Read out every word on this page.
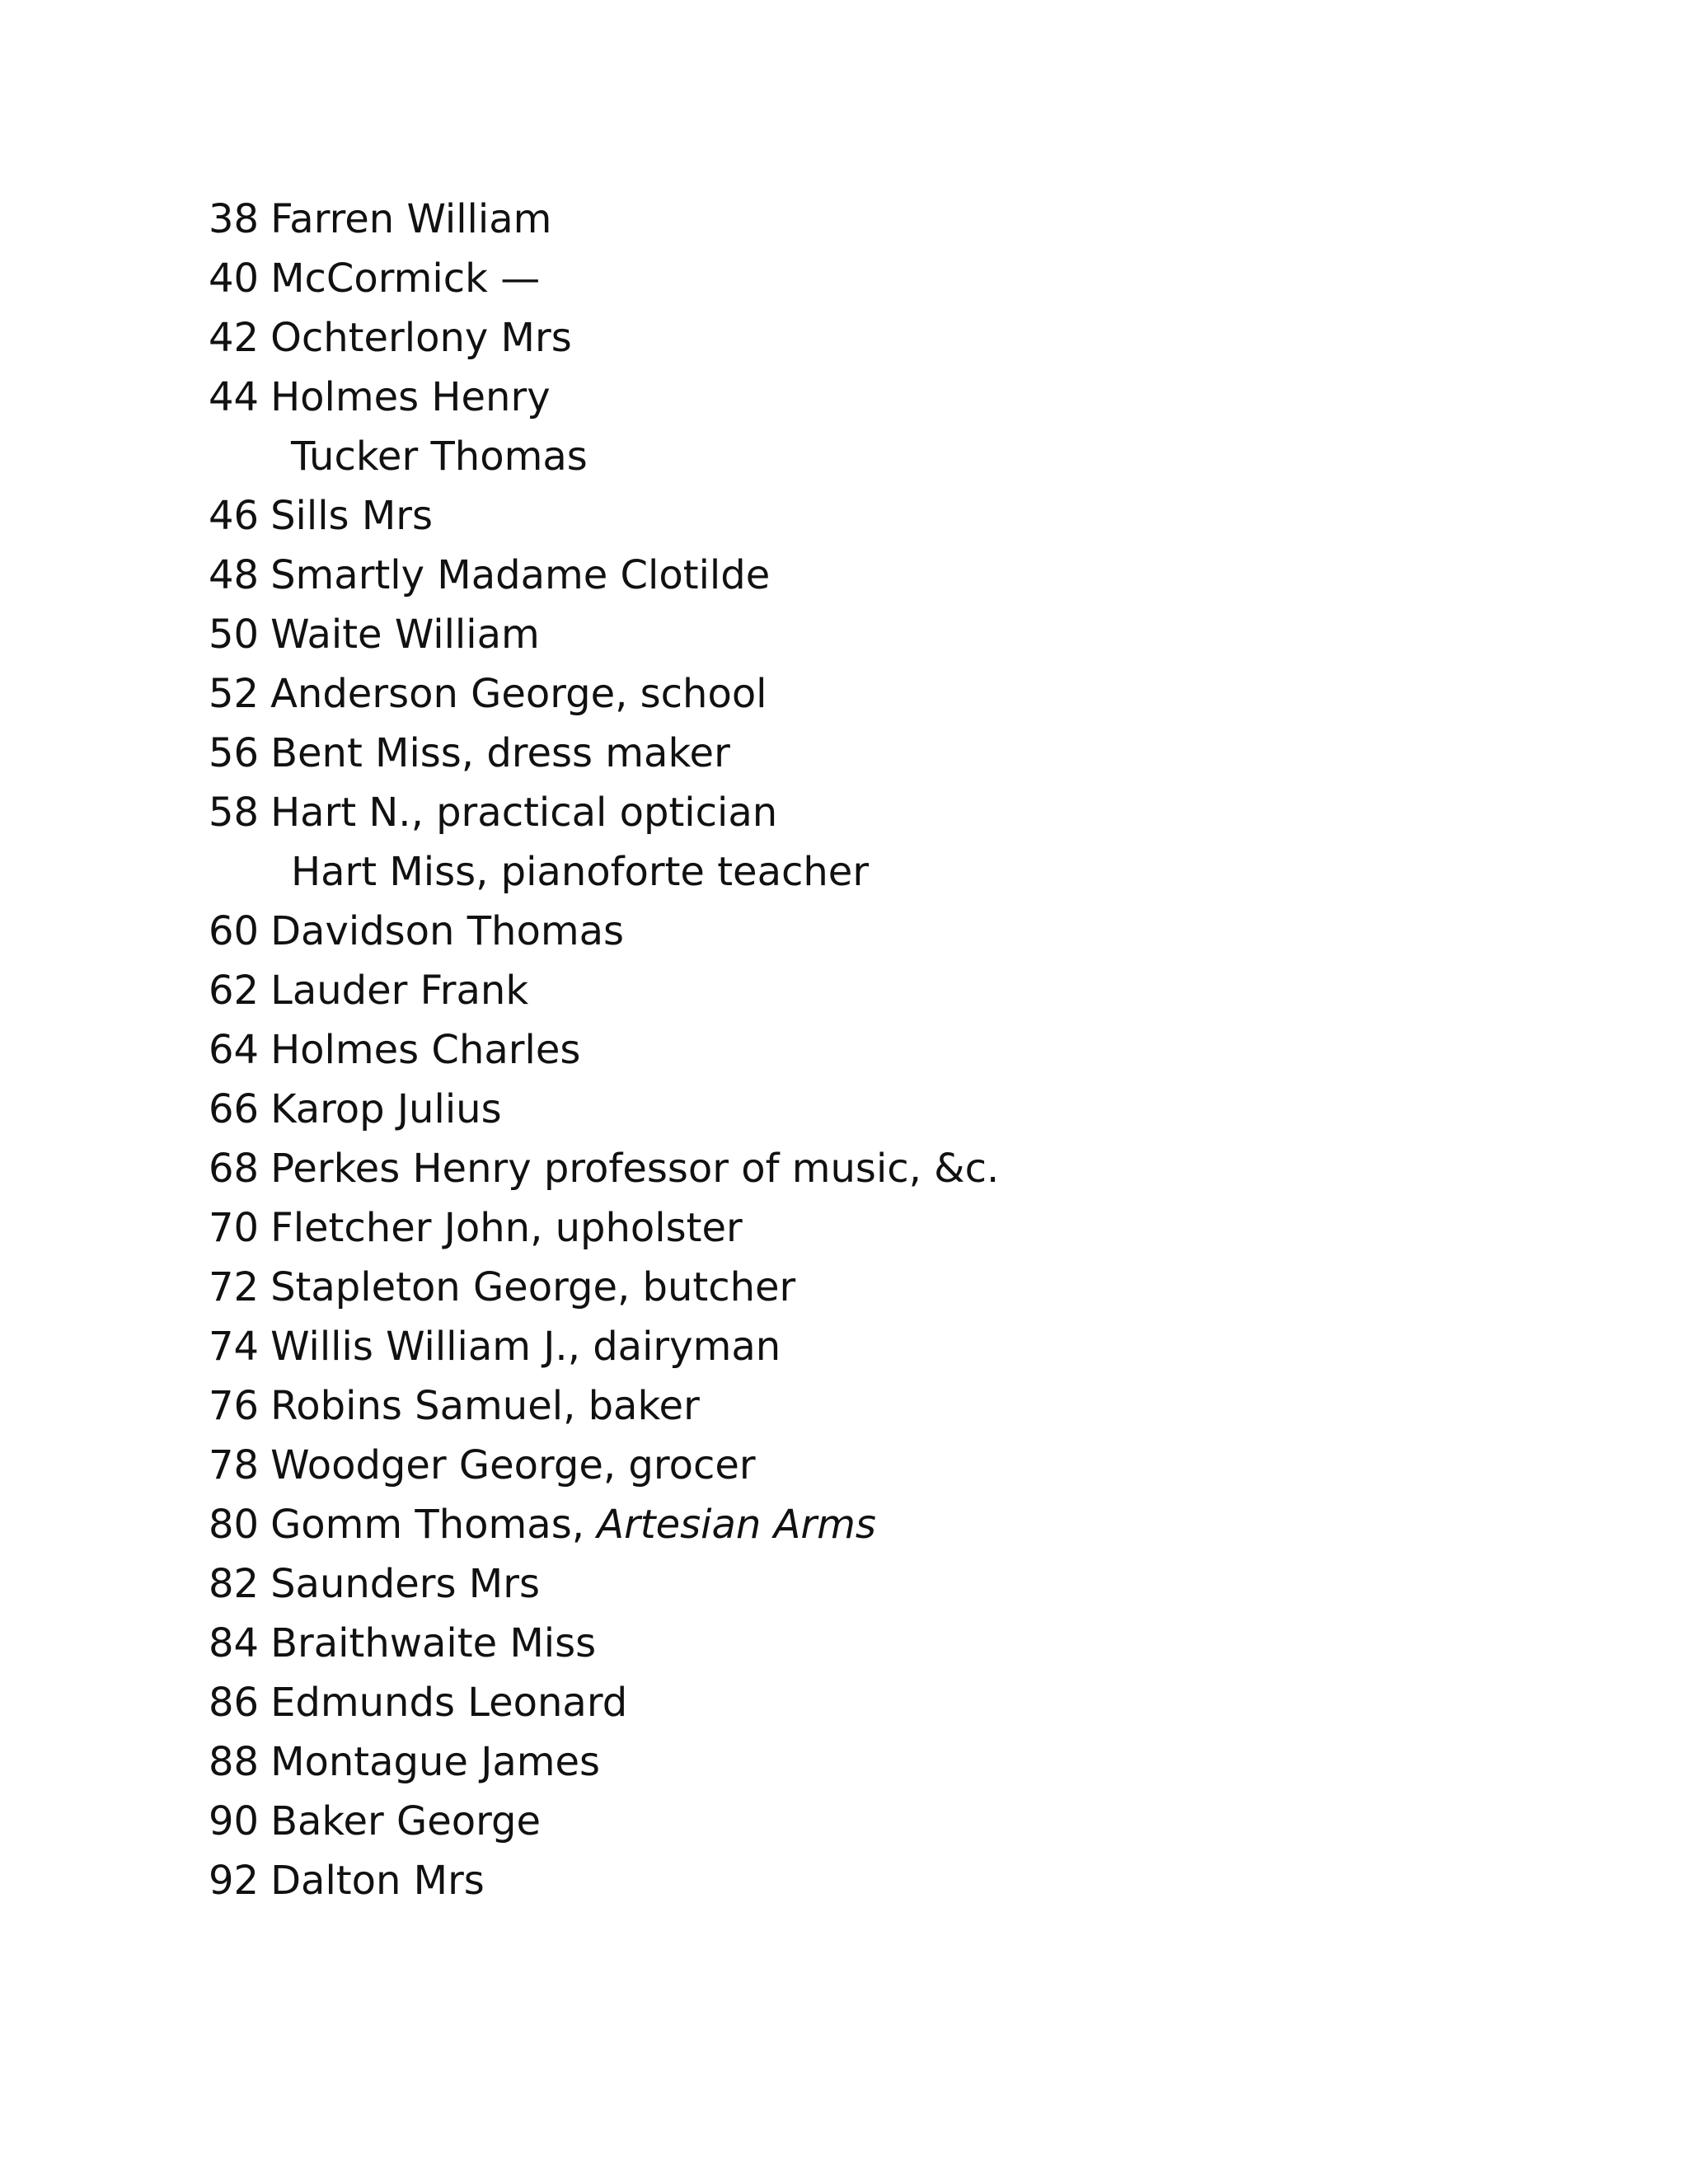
38 Farren William
40 McCormick —
42 Ochterlony Mrs
44 Holmes Henry
Tucker Thomas
46 Sills Mrs
48 Smartly Madame Clotilde
50 Waite William
52 Anderson George, school
56 Bent Miss, dress maker
58 Hart N., practical optician
Hart Miss, pianoforte teacher
60 Davidson Thomas
62 Lauder Frank
64 Holmes Charles
66 Karop Julius
68 Perkes Henry professor of music, &c.
70 Fletcher John, upholster
72 Stapleton George, butcher
74 Willis William J., dairyman
76 Robins Samuel, baker
78 Woodger George, grocer
80 Gomm Thomas, Artesian Arms
82 Saunders Mrs
84 Braithwaite Miss
86 Edmunds Leonard
88 Montague James
90 Baker George
92 Dalton Mrs
